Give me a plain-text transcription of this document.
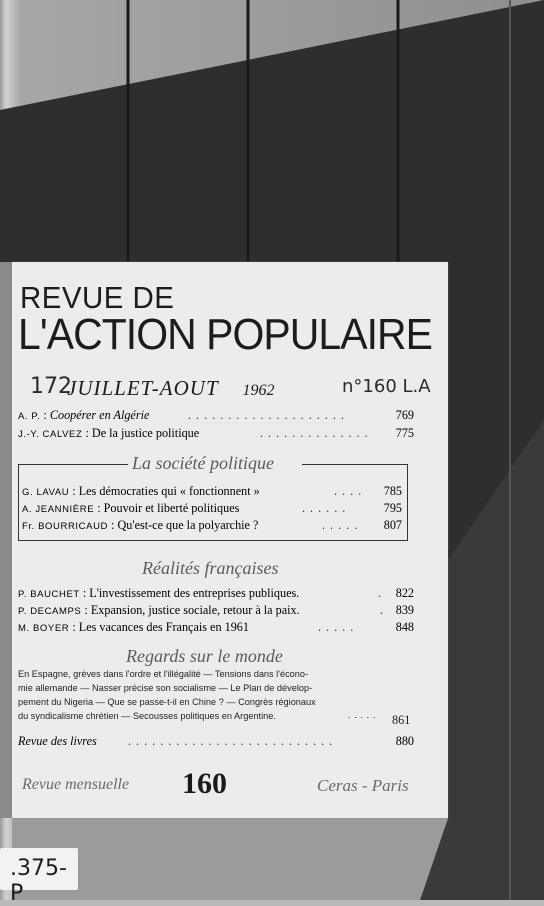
REVUE DE
L'ACTION POPULAIRE
172
JUILLET-AOUT 1962	n°160 L.A
A. P. : Coopérer en Algérie	....................	769
J.-Y. CALVEZ : De la justice politique	..............	775
La société politique
G. LAVAU : Les démocraties qui « fonctionnent »	....	785
A. JEANNIÈRE : Pouvoir et liberté politiques	......	795
Fr. BOURRICAUD : Qu'est-ce que la polyarchie ?	.....	807
Réalités françaises
P. BAUCHET : L'investissement des entreprises publiques.	. 822
P. DECAMPS : Expansion, justice sociale, retour à la paix.	. 839
M. BOYER : Les vacances des Français en 1961	.....	848
Regards sur le monde
En Espagne, grèves dans l'ordre et l'illégalité — Tensions dans l'écono-
mie allemande — Nasser précise son socialisme — Le Plan de dévelop-
pement du Nigeria — Que se passe-t-il en Chine ? — Congrès régionaux
du syndicalisme chrétien — Secousses politiques en Argentine.	..... 861
Revue des livres	..........................	880
Revue mensuelle 160	Ceras - Paris
.375-P
